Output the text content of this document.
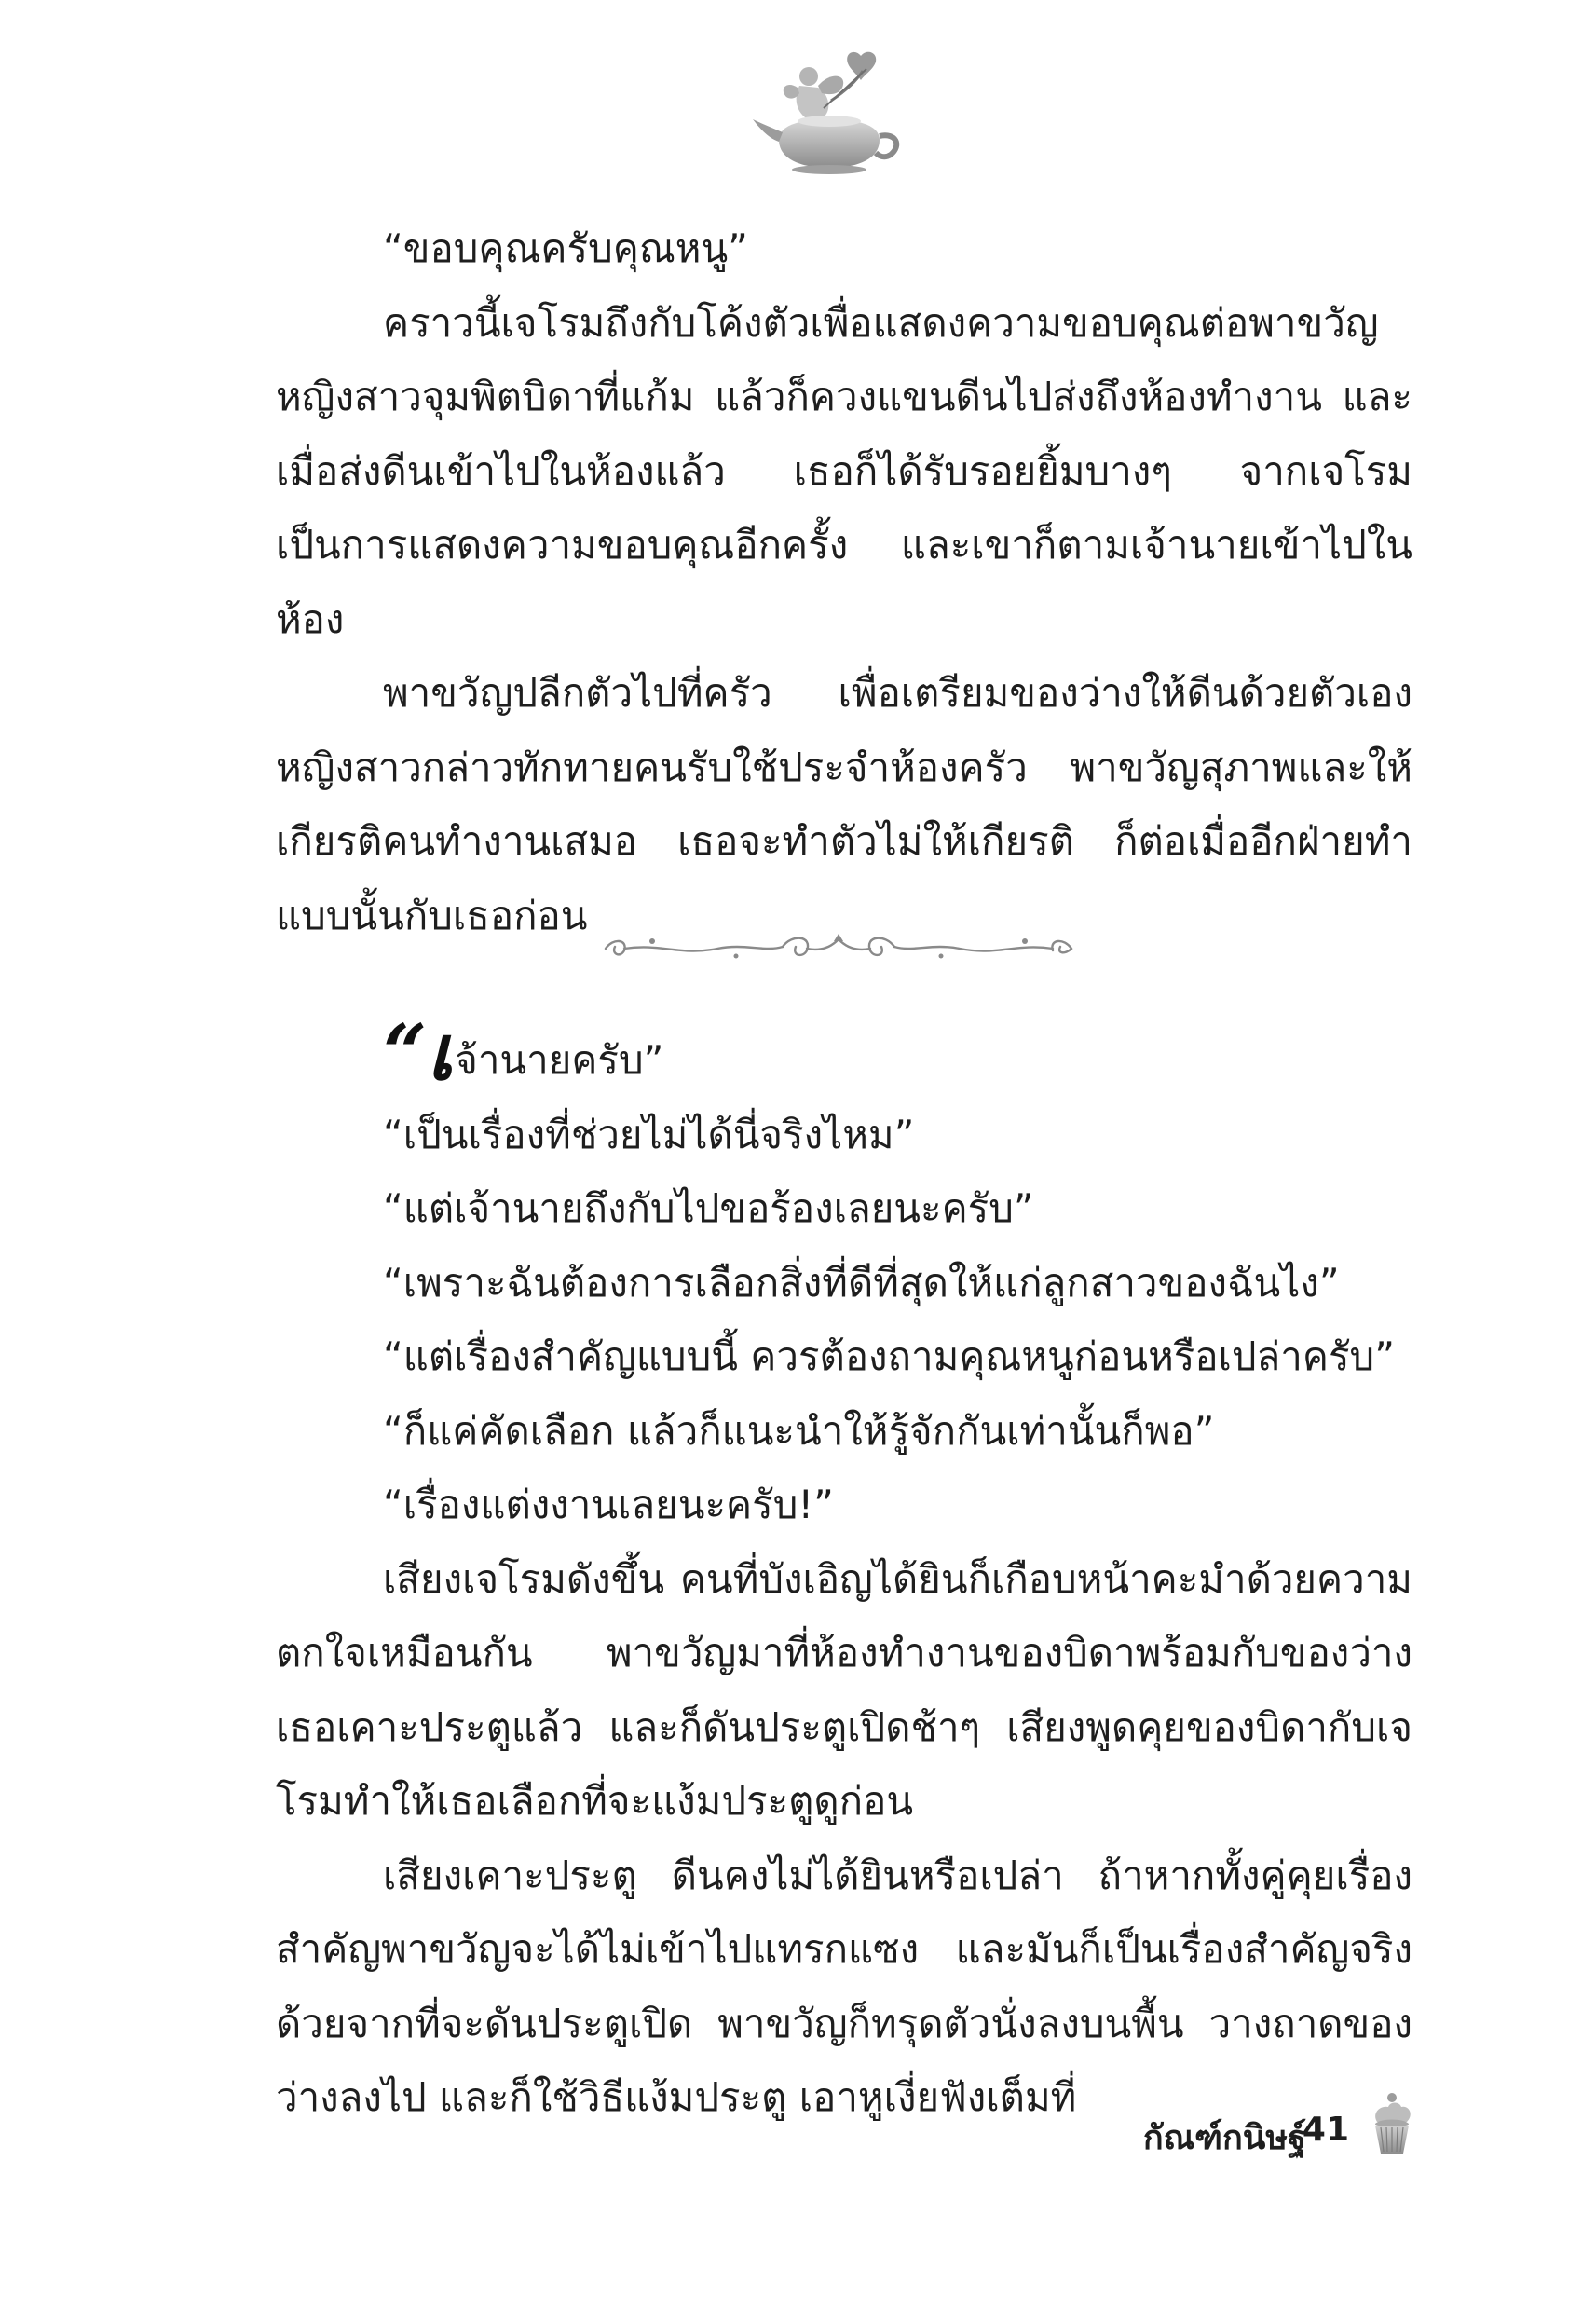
“ขอบคุณครับคุณหนู”

คราวนี้เจโรมถึงกับโค้งตัวเพื่อแสดงความขอบคุณต่อพาขวัญ หญิงสาวจุมพิตบิดาที่แก้ม แล้วก็ควงแขนดีนไปส่งถึงห้องทำงาน และเมื่อส่งดีนเข้าไปในห้องแล้ว เธอก็ได้รับรอยยิ้มบางๆ จากเจโรมเป็นการแสดงความขอบคุณอีกครั้ง และเขาก็ตามเจ้านายเข้าไปในห้อง

พาขวัญปลีกตัวไปที่ครัว เพื่อเตรียมของว่างให้ดีนด้วยตัวเอง หญิงสาวกล่าวทักทายคนรับใช้ประจำห้องครัว พาขวัญสุภาพและให้เกียรติคนทำงานเสมอ เธอจะทำตัวไม่ให้เกียรติ ก็ต่อเมื่ออีกฝ่ายทำแบบนั้นกับเธอก่อน

“เจ้านายครับ”

“เป็นเรื่องที่ช่วยไม่ได้นี่จริงไหม”

“แต่เจ้านายถึงกับไปขอร้องเลยนะครับ”

“เพราะฉันต้องการเลือกสิ่งที่ดีที่สุดให้แก่ลูกสาวของฉันไง”

“แต่เรื่องสำคัญแบบนี้ ควรต้องถามคุณหนูก่อนหรือเปล่าครับ”

“ก็แค่คัดเลือก แล้วก็แนะนำให้รู้จักกันเท่านั้นก็พอ”

“เรื่องแต่งงานเลยนะครับ!”

เสียงเจโรมดังขึ้น คนที่บังเอิญได้ยินก็เกือบหน้าคะมำด้วยความตกใจเหมือนกัน พาขวัญมาที่ห้องทำงานของบิดาพร้อมกับของว่าง เธอเคาะประตูแล้ว และก็ดันประตูเปิดช้าๆ เสียงพูดคุยของบิดากับเจโรมทำให้เธอเลือกที่จะแง้มประตูดูก่อน

เสียงเคาะประตู ดีนคงไม่ได้ยินหรือเปล่า ถ้าหากทั้งคู่คุยเรื่องสำคัญพาขวัญจะได้ไม่เข้าไปแทรกแซง และมันก็เป็นเรื่องสำคัญจริงด้วยจากที่จะดันประตูเปิด พาขวัญก็ทรุดตัวนั่งลงบนพื้น วางถาดของว่างลงไป และก็ใช้วิธีแง้มประตู เอาหูเงี่ยฟังเต็มที่

กัณฑ์กนิษฐ์
41
